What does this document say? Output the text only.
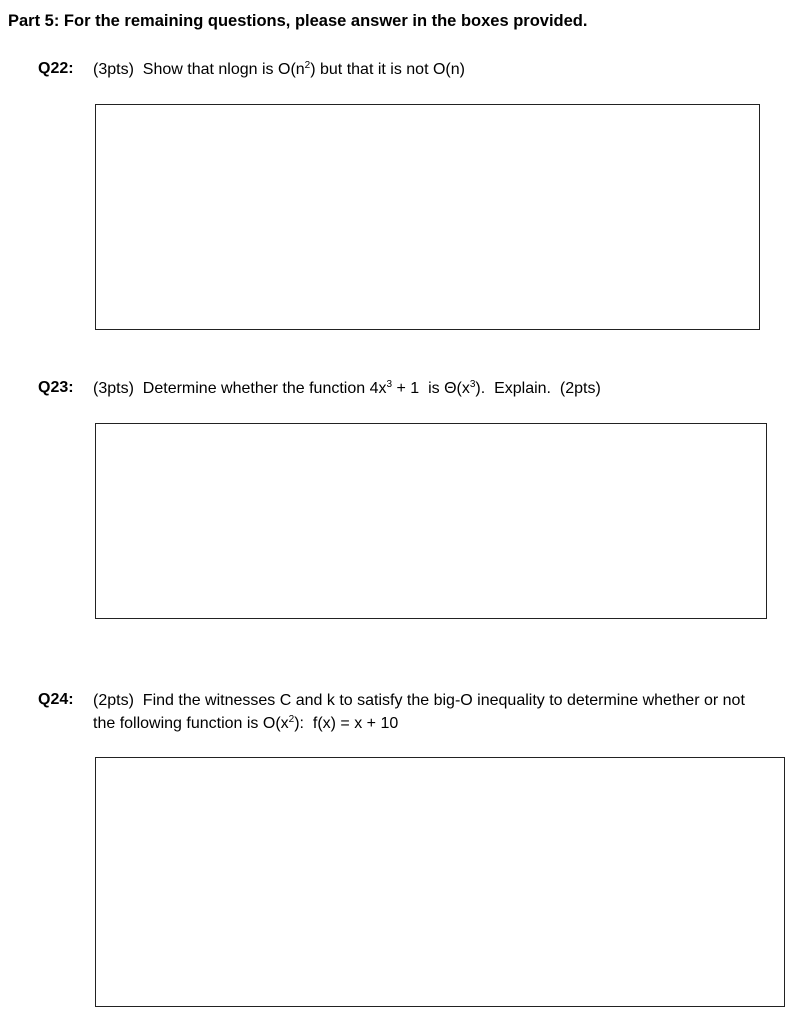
Part 5: For the remaining questions, please answer in the boxes provided.
Q22: (3pts) Show that nlogn is $O(n^2)$ but that it is not O(n)
Q23: (3pts) Determine whether the function $4x^3 + 1$  is $\Theta(x^3)$.  Explain.  (2pts)
Q24: (2pts) Find the witnesses C and k to satisfy the big-O inequality to determine whether or not
the following function is $O(x^2)$:  f(x) = x + 10
